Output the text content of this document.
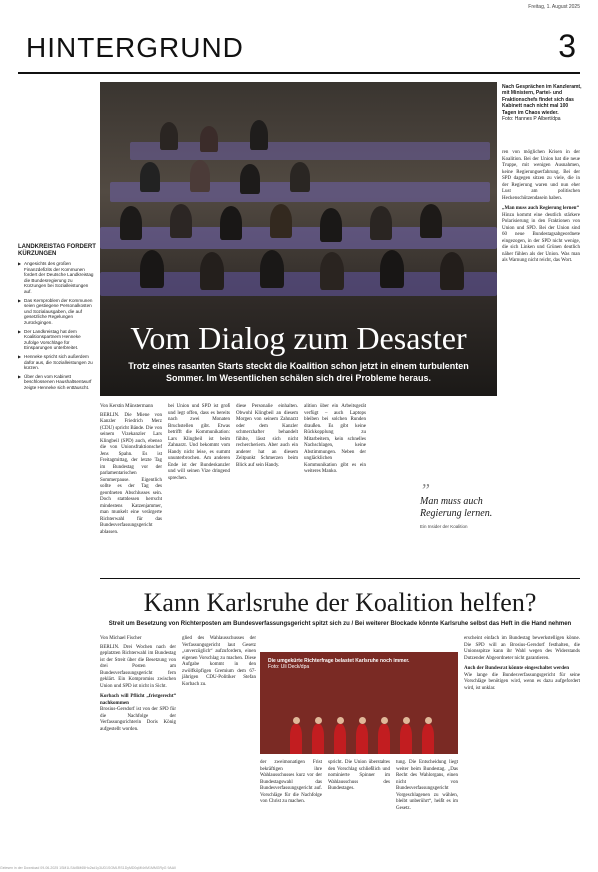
Freitag, 1. August 2025
HINTERGRUND	3
LANDKREISTAG FORDERT KÜRZUNGEN
▶ Angesichts des großen Finanzdefizits der Kommunen fordert der Deutsche Landkreistag die Bundesregierung zu Kürzungen bei Sozialleistungen auf.
▶ Das Kernproblem der Kommunen seien gestiegene Personalkosten und Sozialausgaben, die auf gesetzliche Regelungen zurückgingen.
▶ Der Landkreistag hat dem Koalitionspartnern Henneke zufolge Vorschläge für Einsparungen unterbreitet.
▶ Henneke spricht sich außerdem dafür aus, die Sozialleistungen zu kürzen.
▶ Über den vom Kabinett beschlossenen Haushaltsentwurf zeigte Henneke sich enttäuscht.
Vom Dialog zum Desaster
Trotz eines rasanten Starts steckt die Koalition schon jetzt in einem turbulenten Sommer. Im Wesentlichen schälen sich drei Probleme heraus.
Nach Gesprächen im Kanzleramt, mit Ministern, Partei- und Fraktionschefs findet sich das Kabinett nach nicht mal 100 Tagen im Chaos wieder.
Foto: Hannes P Albert/dpa
Von Kerstin Münstermann
BERLIN. Die Miene von Kanzler Friedrich Merz (CDU) spricht Bände. Die von seinem Vizekanzler Lars Klingbeil (SPD) auch, ebenso die von Unionsfraktionschef Jens Spahn. Es ist Freitagmittag, der letzte Tag im Bundestag vor der parlamentarischen Sommerpause. Eigentlich sollte es der Tag des geordneten Abschlusses sein. Doch stattdessen herrscht mindestens Katzenjammer, man munkelt eine verärgerte Richterwahl für das Bundesverfassungsgericht ablassen.
bei Union und SPD ist groß und legt offen, dass es bereits nach zwei Monaten Bruchstellen gibt. Etwas betrifft die Kommunikation: Lars Klingbeil ist beim Zahnarzt. Und bekommt vom Handy nicht leise, es summt ununterbrochen. Am anderen Ende ist der Bundeskanzler und will seinen Vize dringend sprechen.
diese Personalie einhalten. Obwohl Klingbeil an diesem Morgen von seinem Zahnarzt oder dem Kanzler schmerzhafter behandelt fühlte, lässt sich nicht rechercheriern. Aber auch ein anderer hat an diesem Zeitpunkt Schmerzen beim Blick auf sein Handy.
alition über ein Arbeitsgerät verfügt – auch Laptops bleiben bei solchen Runden draußen. Es gibt keine Rückkopplung zu Mitarbeitern, kein schnelles Nachschlagen, keine Abstimmungen. Neben der ungläcklichen Kommunikation gibt es ein weiteres Manko.
ren von möglichen Krisen in der Koalition. Bei der Union hat die neue Truppe, mit wenigen Ausnahmen, keine Regierungserfahrung. Bei der SPD dagegen sitzen zu viele, die in der Regierung waren und nun eher Lust am politischen Heckenschützendasein haben.
„Man muss auch Regierung lernen“
Hinzu kommt eine deutlich stärkere Polarisierung in den Fraktionen von Union und SPD. Bei der Union sind 60 neue Bundestagsabgeordnete eingezogen, in der SPD nicht wenige, die sich Linken und Grünen deutlich näher fühlen als der Union. Was man als Warnung nicht reicht, das Wort.
”
Man muss auch Regierung lernen.
Ein Insider der Koalition
Kann Karlsruhe der Koalition helfen?
Streit um Besetzung von Richterposten am Bundesverfassungsgericht spitzt sich zu / Bei weiterer Blockade könnte Karlsruhe selbst das Heft in die Hand nehmen
Von Michael Fischer
BERLIN. Drei Wochen nach der geplatzten Richterwahl im Bundestag ist der Streit über die Besetzung von drei Posten am Bundesverfassungsgericht fern geklärt. Ein Kompromiss zwischen Union und SPD ist nicht in Sicht.
Korbach will Pflicht „fristgerecht“ nachkommen
Brosius-Gersdorf ist von der SPD für die Nachfolge der Verfassungsrichterin Doris König aufgestellt worden.
glied des Wahlausschusses der Verfassungsgericht laut Gesetz „unverzüglich“ aufzufordern, einen eigenen Vorschlag zu machen. Diese Aufgabe kommt in den zwölfköpfigen Gremium dem 67-jährigen CDU-Politiker Stefan Korbach zu.
Die umgekürte Richterfrage belastet Karlsruhe noch immer.
Foto: Uli Deck/dpa
der zweimonatigen Frist bekräftigen ihre Wahlausschusses kurz vor der Bundestagswahl das Bundesverfassungsgericht auf. Vorschläge für die Nachfolge von Christ zu machen.
spricht. Die Union überstaltes den Vorschlag schließlich und nominierte Spinner im Wahlausschuss des Bundestages.
tung. Die Entscheidung liegt weiter beim Bundestag. „Das Recht des Wahlorgans, einen nicht von Bundesverfassungsgericht Vorgeschlagenen zu wählen, bleibt unberührt“, heißt es im Gesetz.
erscheint einfach im Bundestag bewerkstelligen könne. Die SPD will an Brosius-Gersdorf festhalten, die Unionsspitze kann ihr Wahl wegen des Widerstands Dutzender Abgeordneter nicht garantieren.
Auch der Bundesrat könnte eingeschaltet werden
Wie lange die Bundesverfassungsgericht für seine Vorschläge benötigen wird, wenn es dazu aufgefordert wird, ist unklar.
Gelesen in der Download 09-06-2025 1SM1LS4d5M65Ho2sd1y3UD1SGMLRS1DyMD0qMl4rIM1MMGRyG 9AAll
